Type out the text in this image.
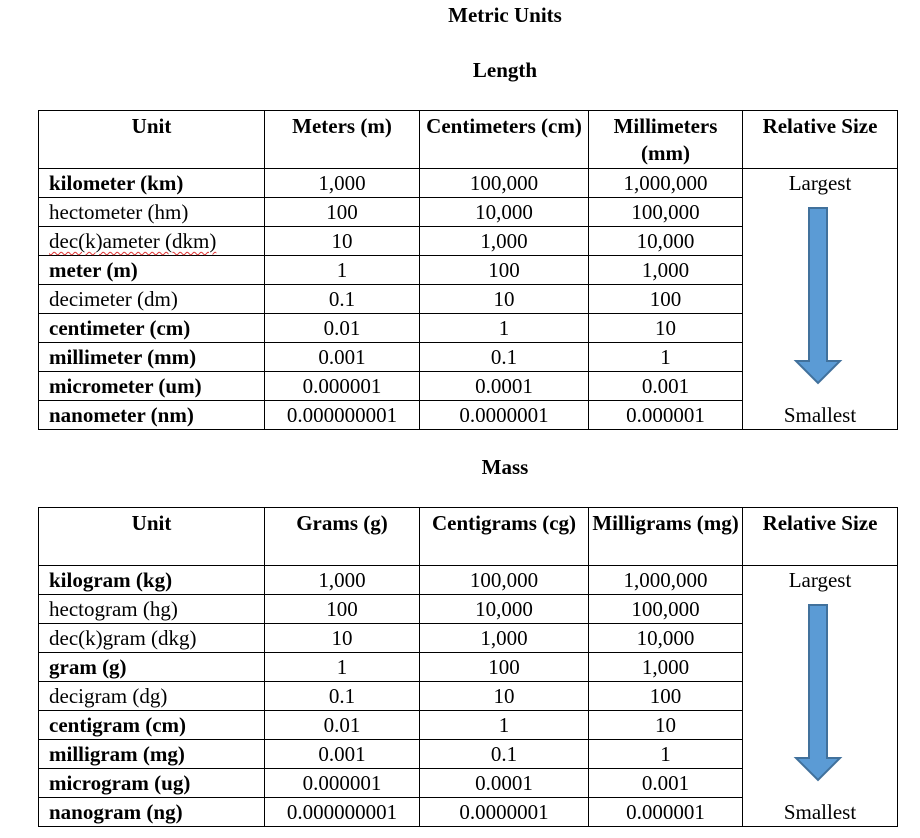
Metric Units
Length
Unit	Meters (m)	Centimeters (cm)	Millimeters (mm)	Relative Size
kilometer (km)	1,000	100,000	1,000,000	Largest
hectometer (hm)	100	10,000	100,000	
dec(k)ameter (dkm)	10	1,000	10,000	
meter (m)	1	100	1,000	
decimeter (dm)	0.1	10	100	
centimeter (cm)	0.01	1	10	
millimeter (mm)	0.001	0.1	1	
micrometer (um)	0.000001	0.0001	0.001	
nanometer (nm)	0.000000001	0.0000001	0.000001	Smallest
Mass
Unit	Grams (g)	Centigrams (cg)	Milligrams (mg)	Relative Size
kilogram (kg)	1,000	100,000	1,000,000	Largest
hectogram (hg)	100	10,000	100,000	
dec(k)gram (dkg)	10	1,000	10,000	
gram (g)	1	100	1,000	
decigram (dg)	0.1	10	100	
centigram (cm)	0.01	1	10	
milligram (mg)	0.001	0.1	1	
microgram (ug)	0.000001	0.0001	0.001	
nanogram (ng)	0.000000001	0.0000001	0.000001	Smallest
